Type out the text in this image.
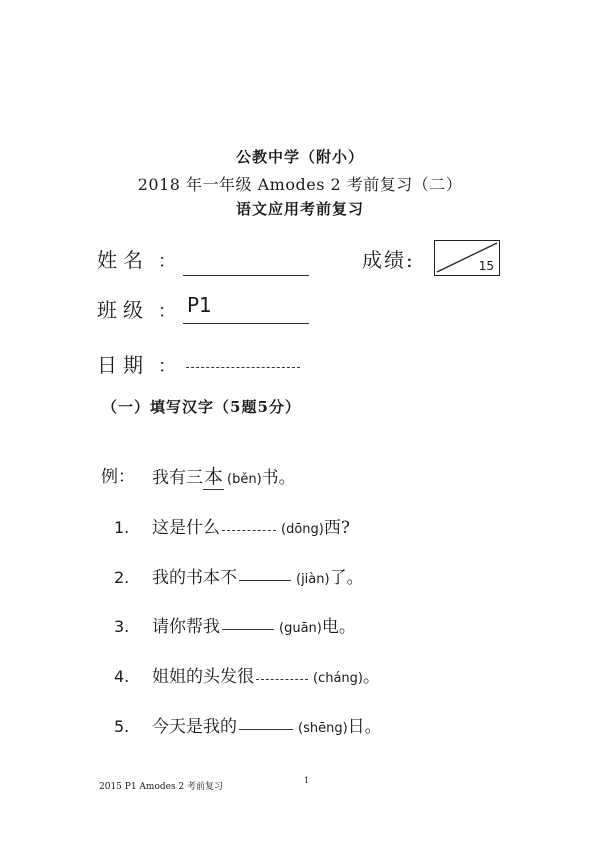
公教中学（附小）
2018 年一年级 Amodes 2 考前复习（二）
语文应用考前复习
姓名 ：	成绩:	15
班级 ： P1
日期 ：
（一）填写汉字（5题5分）
例： 我有三 本 (běn) 书。
1.	这是什么	(dōng) 西?
2.	我的书本不	(jiàn) 了。
3.	请你帮我	(guān) 电。
4.	姐姐的头发很	(cháng) 。
5.	今天是我的	(shēng) 日。
2015 P1 Amodes 2 考前复习
1
